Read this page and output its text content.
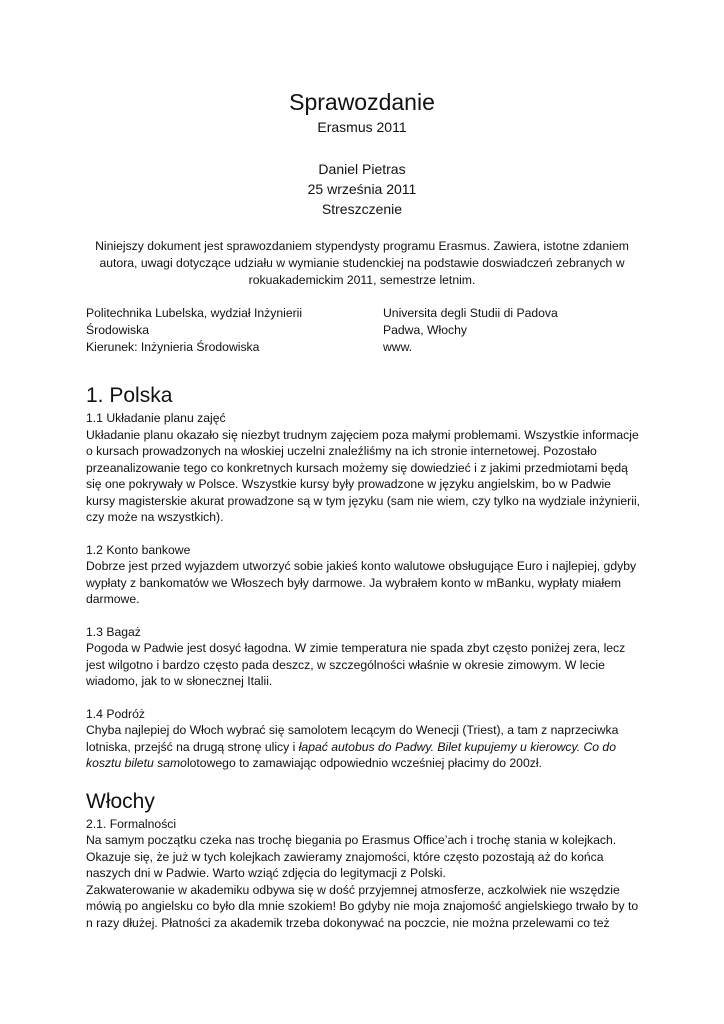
Sprawozdanie
Erasmus 2011
Daniel Pietras
25 września 2011
Streszczenie
Niniejszy dokument jest sprawozdaniem stypendysty programu Erasmus. Zawiera, istotne zdaniem autora, uwagi dotyczące udziału w wymianie studenckiej na podstawie doswiadczeń zebranych w rokuakademickim 2011, semestrze letnim.
Politechnika Lubelska, wydział Inżynierii
Środowiska
Kierunek: Inżynieria Środowiska
Universita degli Studii di Padova
Padwa, Włochy
www.
1. Polska
1.1 Układanie planu zajęć

Układanie planu okazało się niezbyt trudnym zajęciem poza małymi problemami. Wszystkie informacje o kursach prowadzonych na włoskiej uczelni znaleźliśmy na ich stronie internetowej. Pozostało przeanalizowanie tego co konkretnych kursach możemy się dowiedzieć i z jakimi przedmiotami będą się one pokrywały w Polsce. Wszystkie kursy były prowadzone w języku angielskim, bo w Padwie kursy magisterskie akurat prowadzone są w tym języku (sam nie wiem, czy tylko na wydziale inżynierii, czy może na wszystkich).

1.2 Konto bankowe

Dobrze jest przed wyjazdem utworzyć sobie jakieś konto walutowe obsługujące Euro i najlepiej, gdyby wypłaty z bankomatów we Włoszech były darmowe. Ja wybrałem konto w mBanku, wypłaty miałem darmowe.

1.3 Bagaż

Pogoda w Padwie jest dosyć łagodna. W zimie temperatura nie spada zbyt często poniżej zera, lecz jest wilgotno i bardzo często pada deszcz, w szczególności właśnie w okresie zimowym. W lecie wiadomo, jak to w słonecznej Italii.

1.4 Podróż

Chyba najlepiej do Włoch wybrać się samolotem lecącym do Wenecji (Triest), a tam z naprzeciwka lotniska, przejść na drugą stronę ulicy i łapać autobus do Padwy. Bilet kupujemy u kierowcy. Co do kosztu biletu samolotowego to zamawiając odpowiednio wcześniej płacimy do 200zł.

Włochy
2.1. Formalności

Na samym początku czeka nas trochę biegania po Erasmus Office’ach i trochę stania w kolejkach. Okazuje się, że już w tych kolejkach zawieramy znajomości, które często pozostają aż do końca naszych dni w Padwie. Warto wziąć zdjęcia do legitymacji z Polski.

Zakwaterowanie w akademiku odbywa się w dość przyjemnej atmosferze, aczkolwiek nie wszędzie mówią po angielsku co było dla mnie szokiem! Bo gdyby nie moja znajomość angielskiego trwało by to n razy dłużej. Płatności za akademik trzeba dokonywać na poczcie, nie można przelewami co też
